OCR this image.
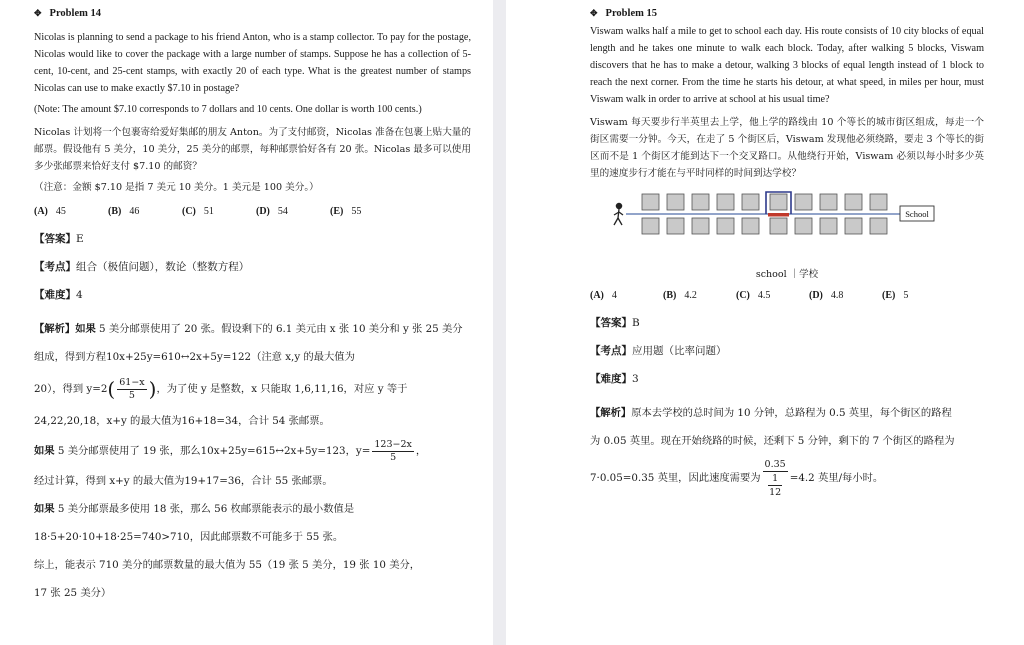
✥ Problem 14

Nicolas is planning to send a package to his friend Anton, who is a stamp collector. To pay for the postage, Nicolas would like to cover the package with a large number of stamps. Suppose he has a collection of 5-cent, 10-cent, and 25-cent stamps, with exactly 20 of each type. What is the greatest number of stamps Nicolas can use to make exactly $7.10 in postage?

(Note: The amount $7.10 corresponds to 7 dollars and 10 cents. One dollar is worth 100 cents.)

Nicolas 计划将一个包裹寄给爱好集邮的朋友 Anton。为了支付邮资，Nicolas 准备在包裹上贴大量的邮票。假设他有 5 美分，10 美分，25 美分的邮票，每种邮票恰好各有 20 张。Nicolas 最多可以使用多少张邮票来恰好支付 $7.10 的邮资？

（注意：金额 $7.10 是指 7 美元 10 美分。1 美元是 100 美分。）

(A) 45	(B) 46	(C) 51	(D) 54	(E) 55
【答案】E
【考点】组合（极值问题），数论（整数方程）
【难度】4

【解析】如果 5 美分邮票使用了 20 张。假设剩下的 6.1 美元由 x 张 10 美分和 y 张 25 美分组成，得到方程10x+25y=610↔2x+5y=122（注意 x,y 的最大值为

20），得到 $y=2( \frac{61-x}{5}$ )，为了使 y 是整数，x 只能取 1,6,11,16，对应 y 等于

24,22,20,18，x+y 的最大值为16+18=34，合计 54 张邮票。

如果 5 美分邮票使用了 19 张，那么10x+25y=615↔2x+5y=123，$y= \frac{123-2x}{5}$ ，

经过计算，得到 x+y 的最大值为19+17=36，合计 55 张邮票。

如果 5 美分邮票最多使用 18 张，那么 56 枚邮票能表示的最小数值是

18·5+20·10+18·25=740>710，因此邮票数不可能多于 55 张。

综上，能表示 710 美分的邮票数量的最大值为 55（19 张 5 美分，19 张 10 美分，

17 张 25 美分）

✥ Problem 15

Viswam walks half a mile to get to school each day. His route consists of 10 city blocks of equal length and he takes one minute to walk each block. Today, after walking 5 blocks, Viswam discovers that he has to make a detour, walking 3 blocks of equal length instead of 1 block to reach the next corner. From the time he starts his detour, at what speed, in miles per hour, must Viswam walk in order to arrive at school at his usual time?

Viswam 每天要步行半英里去上学，他上学的路线由 10 个等长的城市街区组成，每走一个街区需要一分钟。今天，在走了 5 个街区后，Viswam 发现他必须绕路，要走 3 个等长的街区而不是 1 个街区才能到达下一个交叉路口。从他绕行开始，Viswam 必须以每小时多少英里的速度步行才能在与平时同样的时间到达学校？

School
school ｜学校
(A) 4	(B) 4.2	(C) 4.5	(D) 4.8	(E) 5
【答案】B
【考点】应用题（比率问题）
【难度】3

【解析】原本去学校的总时间为 10 分钟，总路程为 0.5 英里，每个街区的路程

为 0.05 英里。现在开始绕路的时候，还剩下 5 分钟，剩下的 7 个街区的路程为

7·0.05=0.35 英里，因此速度需要为
0.35
1
12
=4.2 英里/每小时。
